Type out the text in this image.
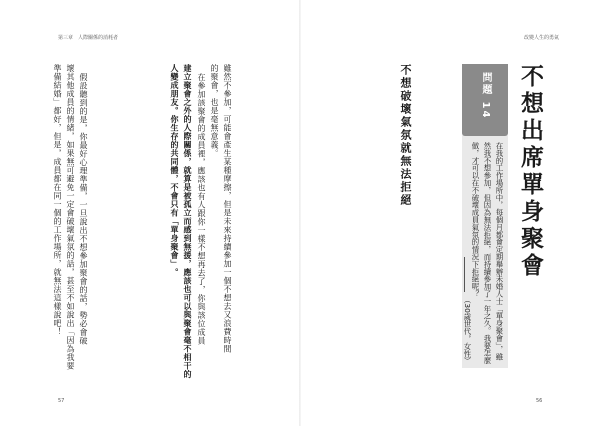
第三章　人際關係的消耗者

雖然不參加，可能會產生某種摩擦，但是未來持續參加一個不想去又浪費時間

的聚會，也是毫無意義。

在參加該聚會的成員裡，應該也有人跟你一樣不想再去了，你與該位成員

建立聚會之外的人際關係，就算是被孤立而感到無援，應該也可以與聚會毫不相干的

人變成朋友。你生存的共同體，不會只有「單身聚會」。

57
改變人生的勇氣
不想出席單身聚會
問題 14

在我的工作場所中，每個月都會定期舉辦未婚人士「單身聚會」，雖

然我不想參加，但因為無法拒絕，而持續參加了一年之久。我要怎麼

做，才可以在不破壞成員氣氛的情況下拒絕呢？

（30歲世代，女性）

不想破壞氣氛就無法拒絕

假設聽到的是，你最好心理準備，一旦說出不想參加聚會的話，勢必會破

壞其他成員的情緒，如果無可避免一定會破壞氣氛的話，甚至不如說出「因為我要

準備結婚」都好，但是，成員都在同一個的工作場所，就無法這樣說吧！

56
